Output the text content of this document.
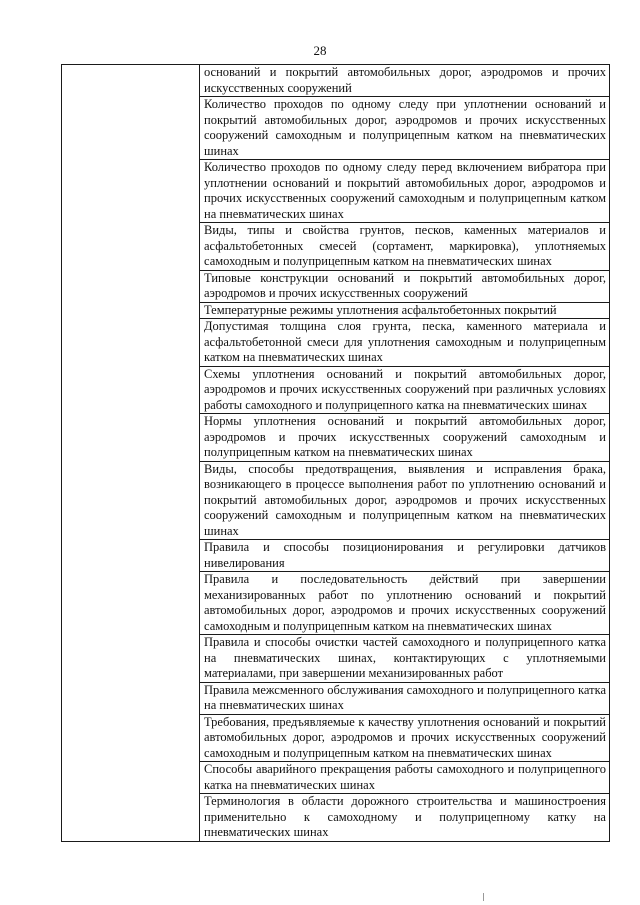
28

оснований и покрытий автомобильных дорог, аэродромов и прочих искусственных сооружений

Количество проходов по одному следу при уплотнении оснований и покрытий автомобильных дорог, аэродромов и прочих искусственных сооружений самоходным и полуприцепным катком на пневматических шинах

Количество проходов по одному следу перед включением вибратора при уплотнении оснований и покрытий автомобильных дорог, аэродромов и прочих искусственных сооружений самоходным и полуприцепным катком на пневматических шинах

Виды, типы и свойства грунтов, песков, каменных материалов и асфальтобетонных смесей (сортамент, маркировка), уплотняемых самоходным и полуприцепным катком на пневматических шинах

Типовые конструкции оснований и покрытий автомобильных дорог, аэродромов и прочих искусственных сооружений

Температурные режимы уплотнения асфальтобетонных покрытий

Допустимая толщина слоя грунта, песка, каменного материала и асфальтобетонной смеси для уплотнения самоходным и полуприцепным катком на пневматических шинах

Схемы уплотнения оснований и покрытий автомобильных дорог, аэродромов и прочих искусственных сооружений при различных условиях работы самоходного и полуприцепного катка на пневматических шинах

Нормы уплотнения оснований и покрытий автомобильных дорог, аэродромов и прочих искусственных сооружений самоходным и полуприцепным катком на пневматических шинах

Виды, способы предотвращения, выявления и исправления брака, возникающего в процессе выполнения работ по уплотнению оснований и покрытий автомобильных дорог, аэродромов и прочих искусственных сооружений самоходным и полуприцепным катком на пневматических шинах

Правила и способы позиционирования и регулировки датчиков нивелирования

Правила и последовательность действий при завершении механизированных работ по уплотнению оснований и покрытий автомобильных дорог, аэродромов и прочих искусственных сооружений самоходным и полуприцепным катком на пневматических шинах

Правила и способы очистки частей самоходного и полуприцепного катка на пневматических шинах, контактирующих с уплотняемыми материалами, при завершении механизированных работ

Правила межсменного обслуживания самоходного и полуприцепного катка на пневматических шинах

Требования, предъявляемые к качеству уплотнения оснований и покрытий автомобильных дорог, аэродромов и прочих искусственных сооружений самоходным и полуприцепным катком на пневматических шинах

Способы аварийного прекращения работы самоходного и полуприцепного катка на пневматических шинах

Терминология в области дорожного строительства и машиностроения применительно к самоходному и полуприцепному катку на пневматических шинах
